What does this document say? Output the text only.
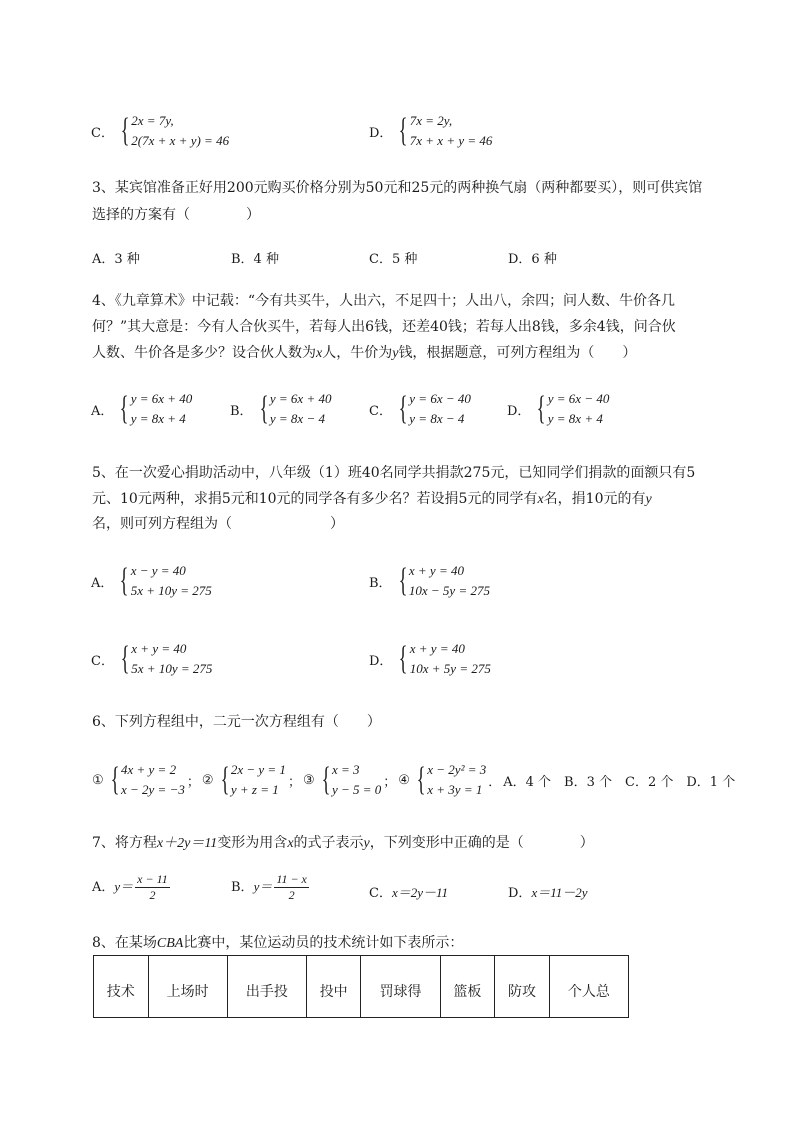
C． { 2x = 7y,
2(7x + x + y) = 46	D． { 7x = 2y,
7x + x + y = 46
3、某宾馆准备正好用200元购买价格分别为50元和25元的两种换气扇（两种都要买），则可供宾馆
选择的方案有（　　　　）
A．3 种	B．4 种	C．5 种	D．6 种
4、《九章算术》中记载：“今有共买牛，人出六，不足四十；人出八，余四；问人数、牛价各几
何？”其大意是：今有人合伙买牛，若每人出6钱，还差40钱；若每人出8钱，多余4钱，问合伙
人数、牛价各是多少？设合伙人数为x人，牛价为y钱，根据题意，可列方程组为（　　）
A． { y = 6x + 40
y = 8x + 4	B． { y = 6x + 40
y = 8x − 4	C． { y = 6x − 40
y = 8x − 4	D． { y = 6x − 40
y = 8x + 4
5、在一次爱心捐助活动中，八年级（1）班40名同学共捐款275元，已知同学们捐款的面额只有5
元、10元两种，求捐5元和10元的同学各有多少名？若设捐5元的同学有x名，捐10元的有y
名，则可列方程组为（　　　　　　　）
A． { x − y = 40
5x + 10y = 275	B． { x + y = 40
10x − 5y = 275
C． { x + y = 40
5x + 10y = 275	D． { x + y = 40
10x + 5y = 275
6、下列方程组中，二元一次方程组有（　　）
① { 4x + y = 2
x − 2y = −3 ； ② { 2x − y = 1
y + z = 1 ； ③ { x = 3
y − 5 = 0 ； ④ { x − 2y² = 3
x + 3y = 1 ． A．4 个　B．3 个　C．2 个　D．1 个
7、将方程x＋2y＝11变形为用含x的式子表示y，下列变形中正确的是（　　　　）
A．$y= \frac{x - 11}{2}$	B．$y= \frac{11 - x}{2}$	C．x＝2y－11	D．x＝11－2y
8、在某场CBA比赛中，某位运动员的技术统计如下表所示：
技术	上场时	出手投	投中	罚球得	篮板	防攻	个人总
